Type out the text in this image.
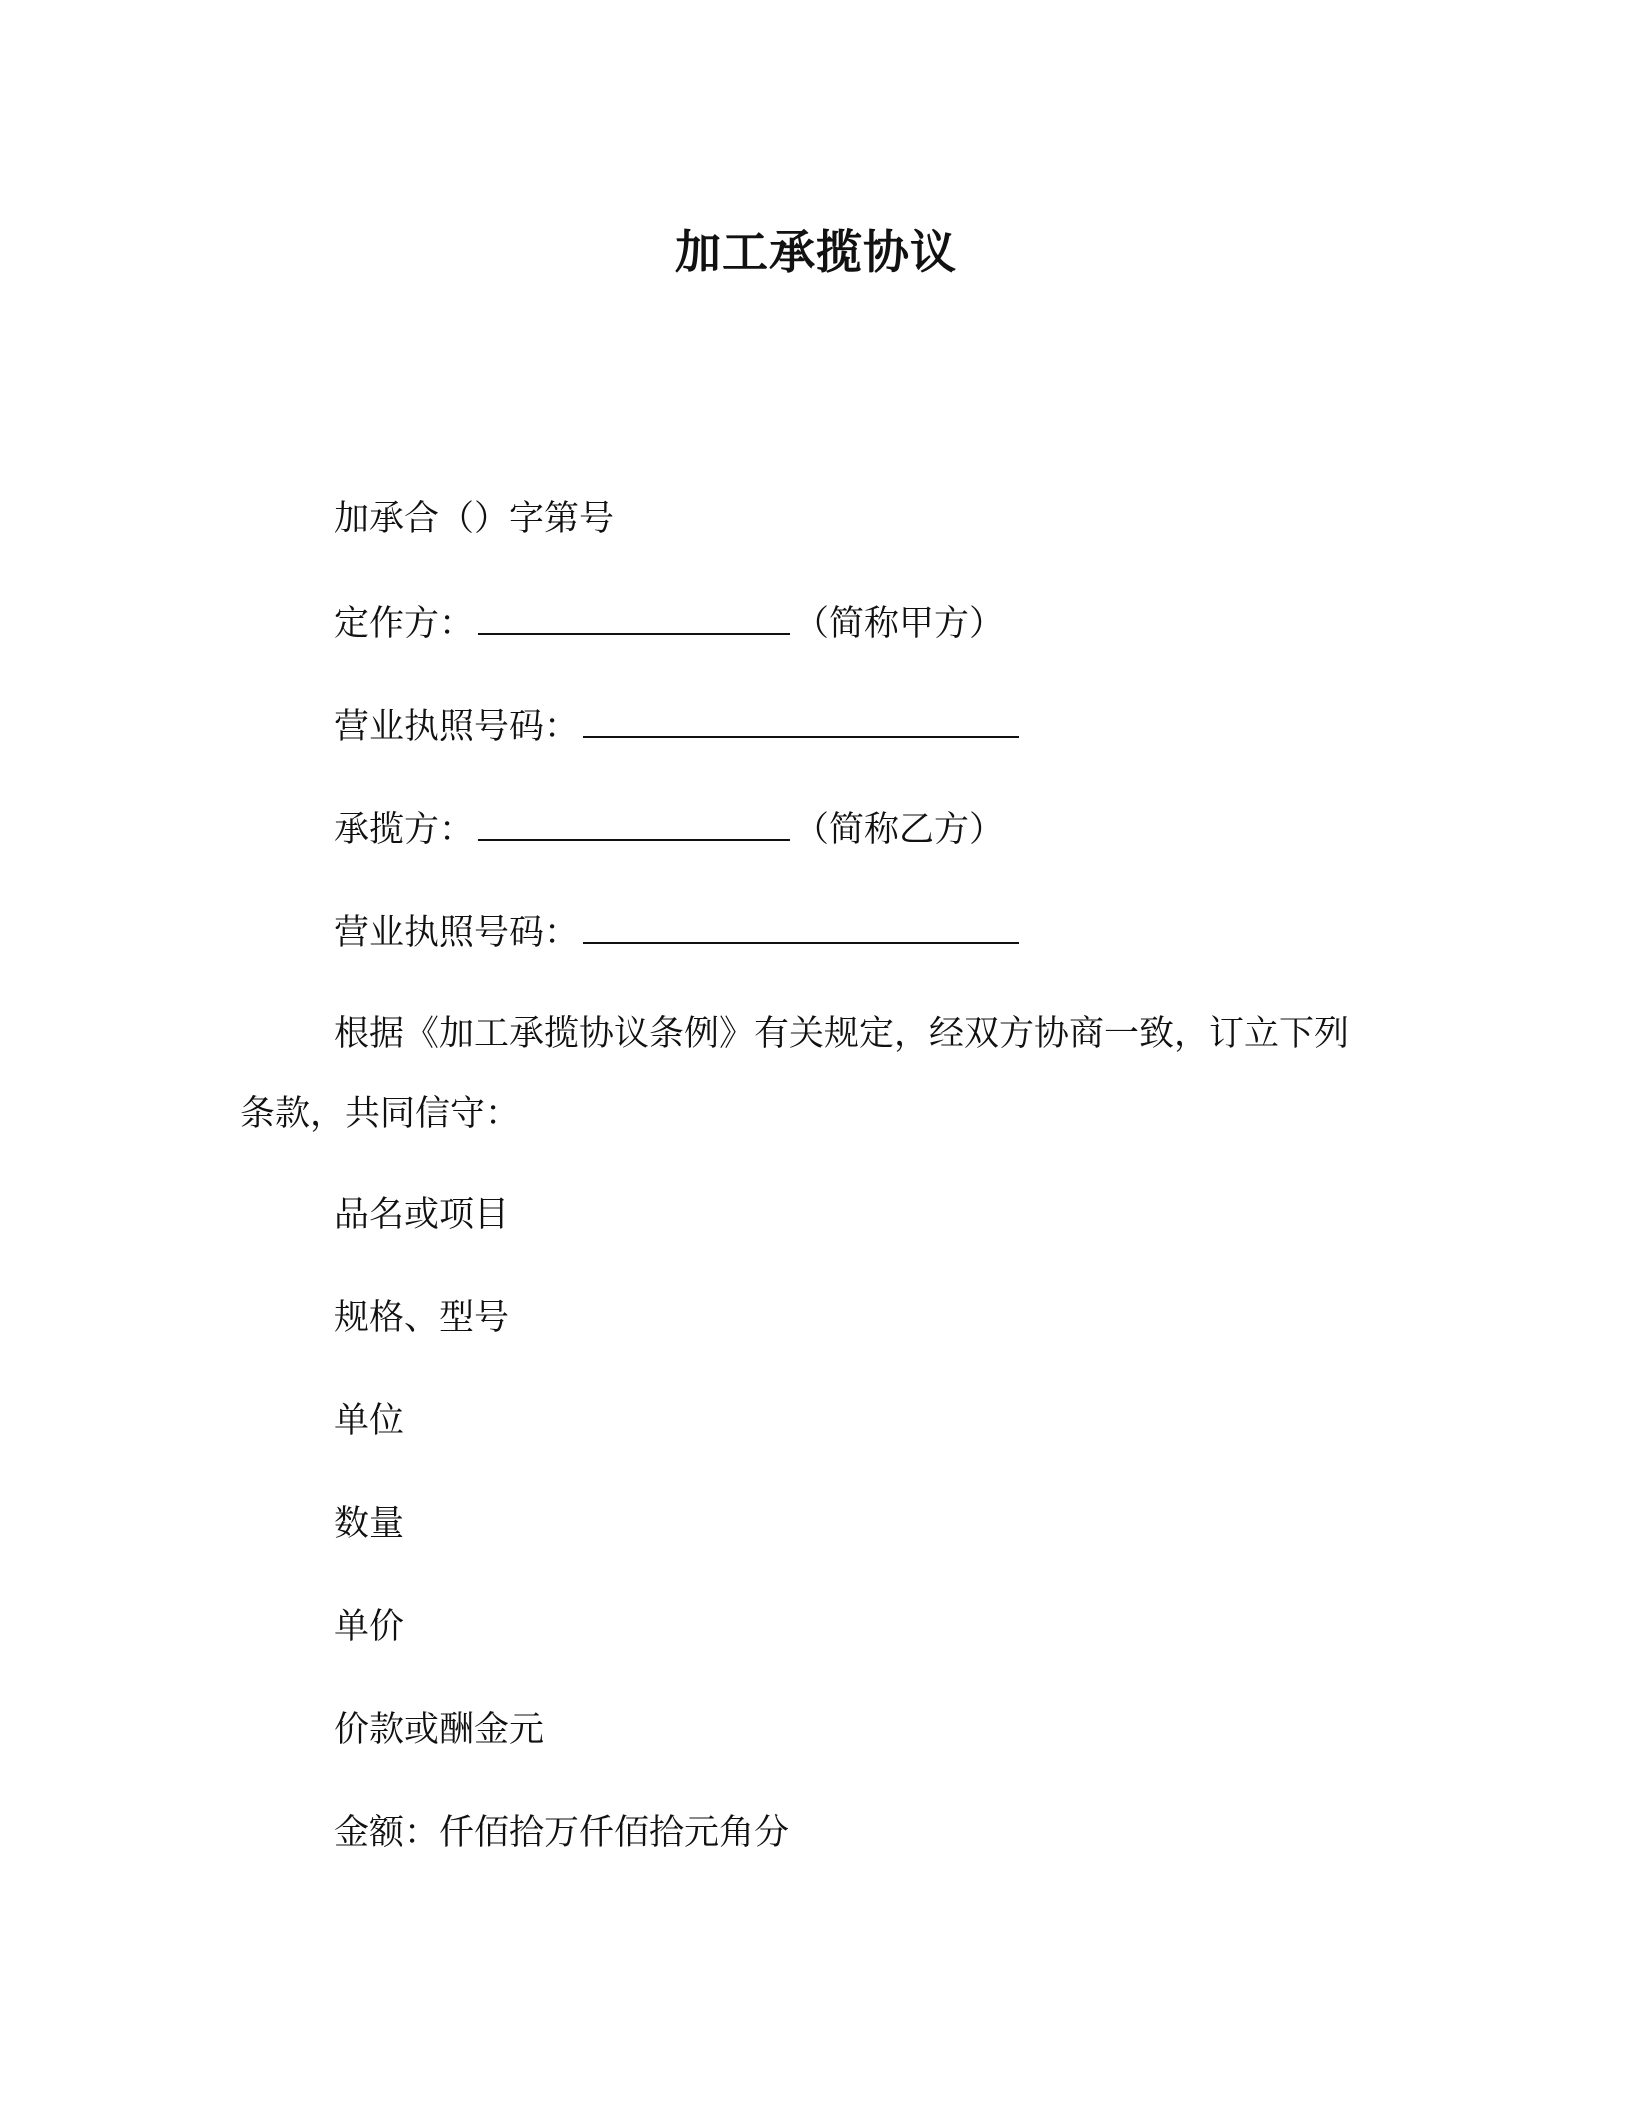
加工承揽协议
加承合（）字第号
定作方：	（简称甲方）
营业执照号码：
承揽方：	（简称乙方）
营业执照号码：
根据《加工承揽协议条例》有关规定，经双方协商一致，订立下列条款，共同信守：
品名或项目
规格、型号
单位
数量
单价
价款或酬金元
金额：仟佰拾万仟佰拾元角分
